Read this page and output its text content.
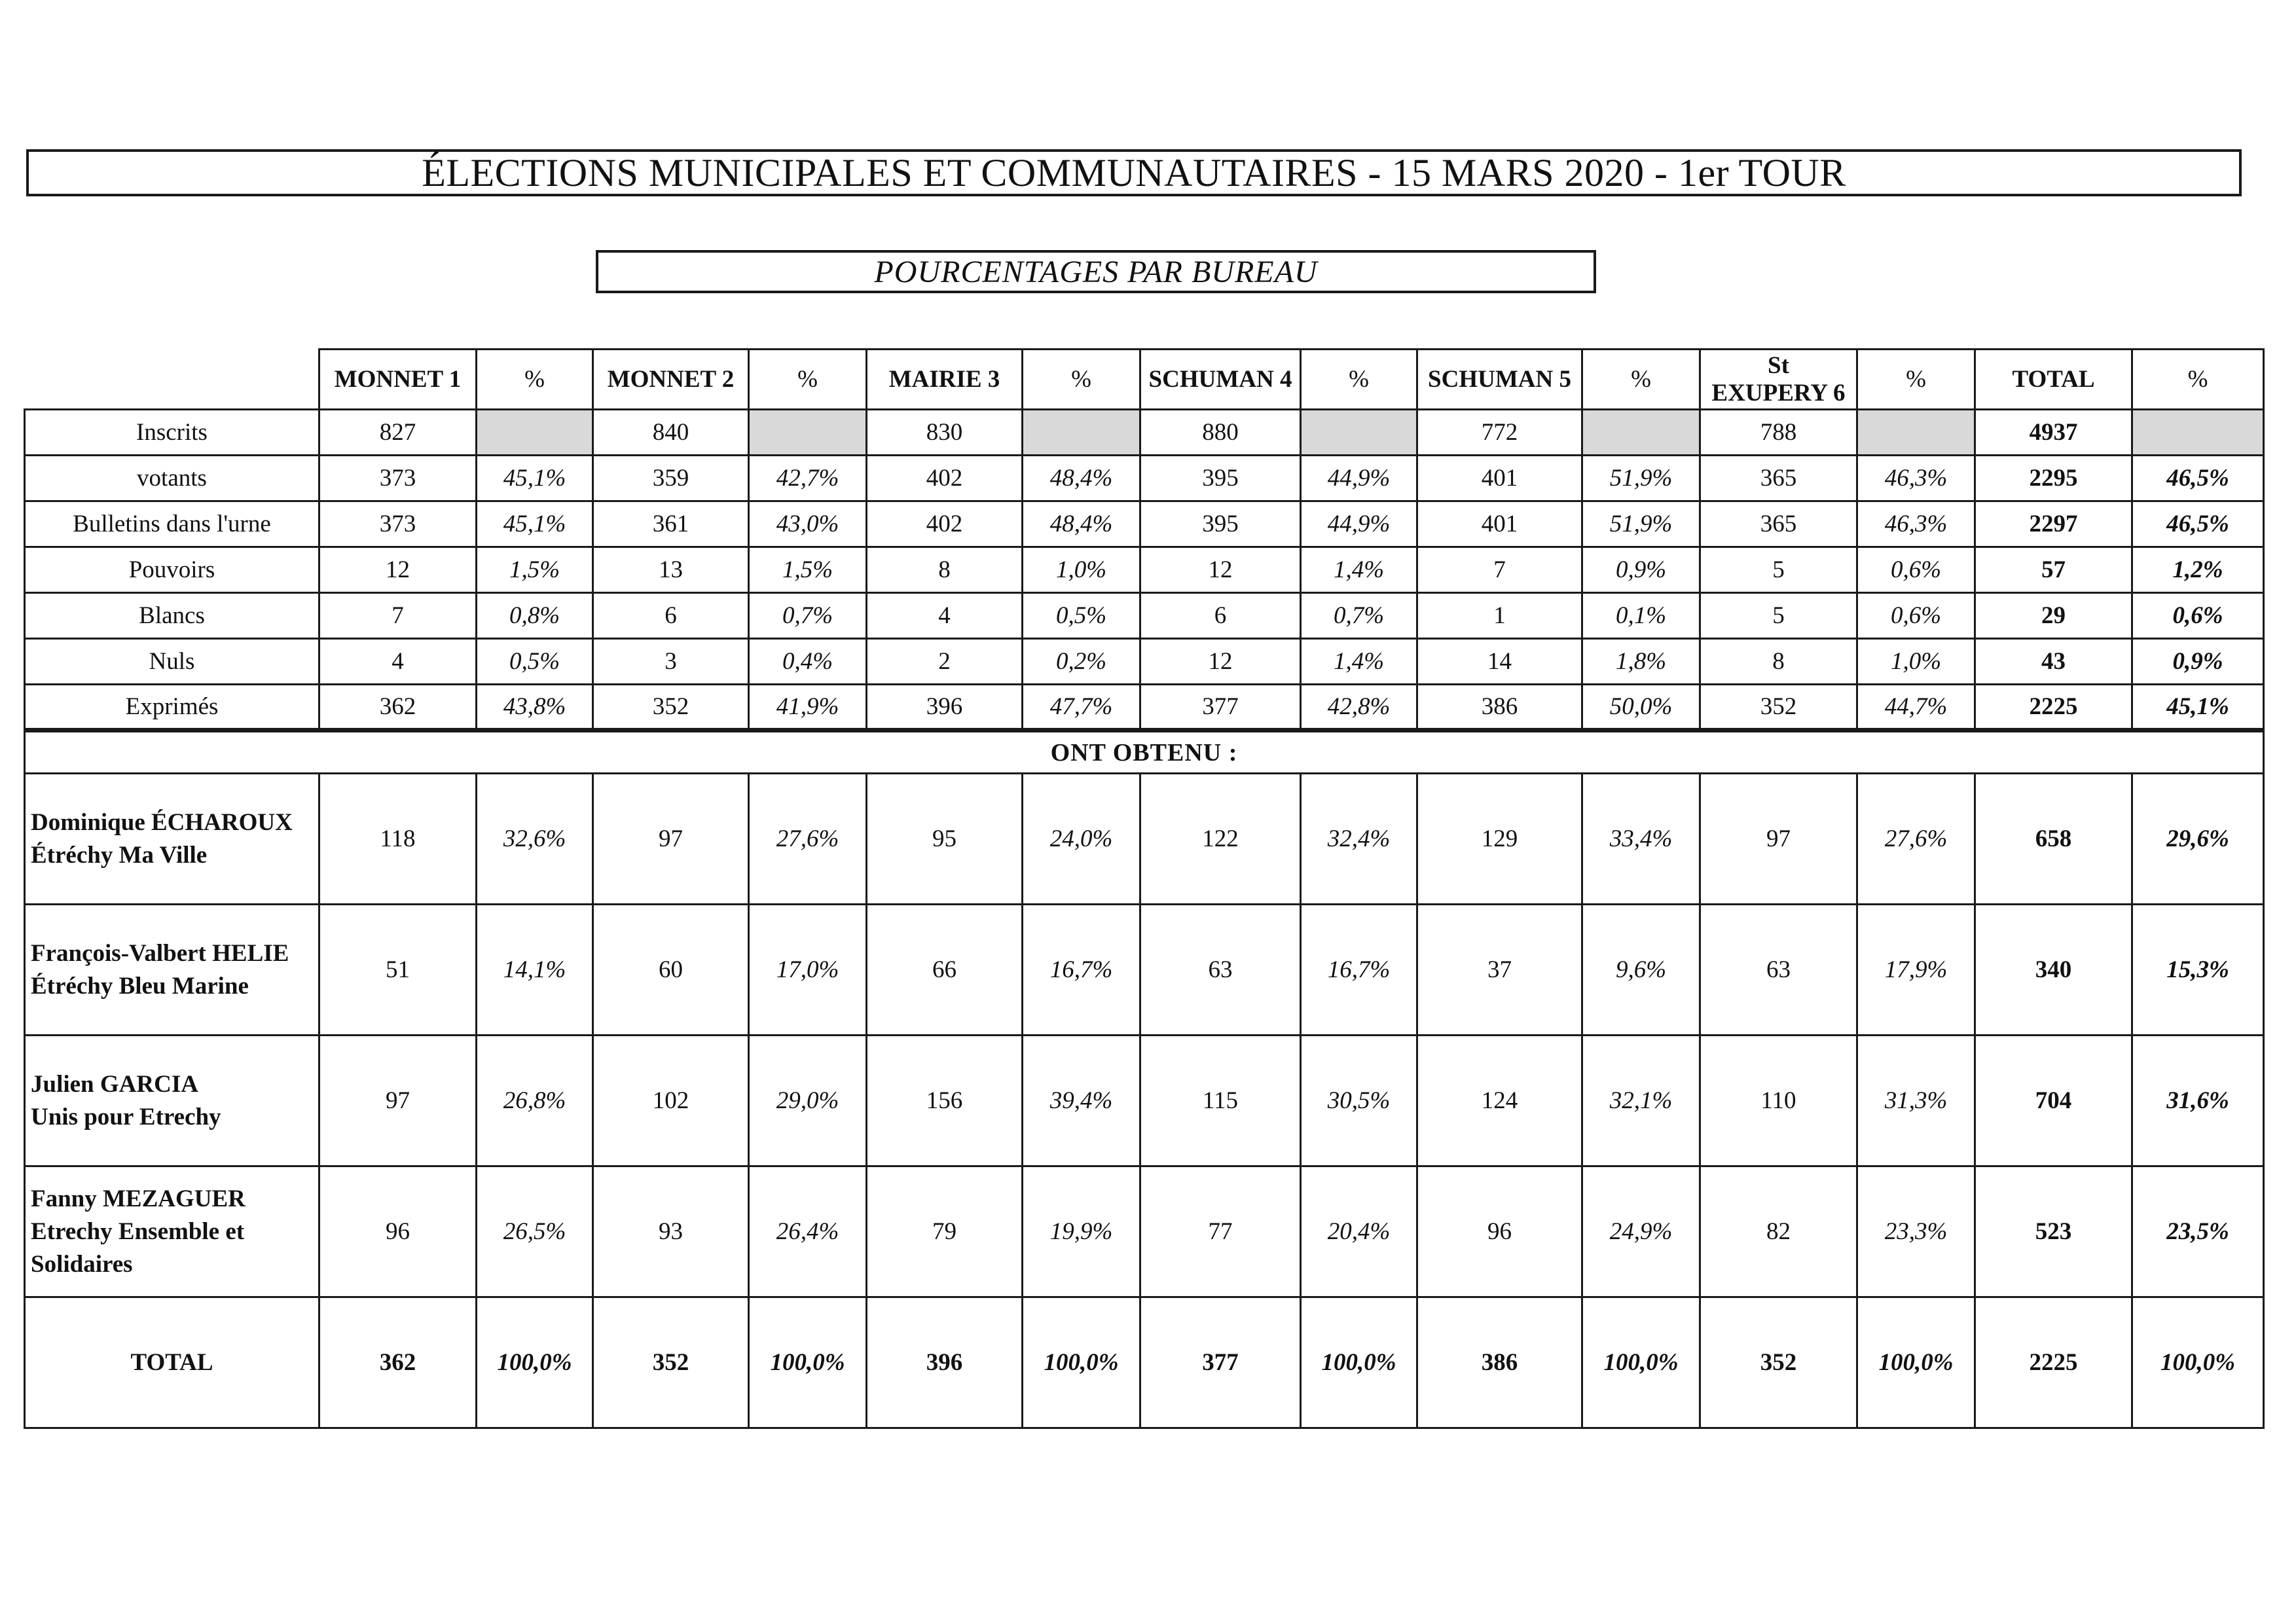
ÉLECTIONS MUNICIPALES ET COMMUNAUTAIRES - 15 MARS 2020 - 1er TOUR
POURCENTAGES PAR BUREAU
	MONNET 1	%	MONNET 2	%	MAIRIE 3	%	SCHUMAN 4	%	SCHUMAN 5	%	St
EXUPERY 6	%	TOTAL	%
Inscrits	827		840		830		880		772		788		4937	
votants	373	45,1%	359	42,7%	402	48,4%	395	44,9%	401	51,9%	365	46,3%	2295	46,5%
Bulletins dans l'urne	373	45,1%	361	43,0%	402	48,4%	395	44,9%	401	51,9%	365	46,3%	2297	46,5%
Pouvoirs	12	1,5%	13	1,5%	8	1,0%	12	1,4%	7	0,9%	5	0,6%	57	1,2%
Blancs	7	0,8%	6	0,7%	4	0,5%	6	0,7%	1	0,1%	5	0,6%	29	0,6%
Nuls	4	0,5%	3	0,4%	2	0,2%	12	1,4%	14	1,8%	8	1,0%	43	0,9%
Exprimés	362	43,8%	352	41,9%	396	47,7%	377	42,8%	386	50,0%	352	44,7%	2225	45,1%
ONT OBTENU :														

Dominique ÉCHAROUX
Étréchy Ma Ville	118	32,6%	97	27,6%	95	24,0%	122	32,4%	129	33,4%	97	27,6%	658	29,6%

François-Valbert HELIE
Étréchy Bleu Marine	51	14,1%	60	17,0%	66	16,7%	63	16,7%	37	9,6%	63	17,9%	340	15,3%

Julien GARCIA
Unis pour Etrechy	97	26,8%	102	29,0%	156	39,4%	115	30,5%	124	32,1%	110	31,3%	704	31,6%

Fanny MEZAGUER
Etrechy Ensemble et
Solidaires	96	26,5%	93	26,4%	79	19,9%	77	20,4%	96	24,9%	82	23,3%	523	23,5%
TOTAL	362	100,0%	352	100,0%	396	100,0%	377	100,0%	386	100,0%	352	100,0%	2225	100,0%
